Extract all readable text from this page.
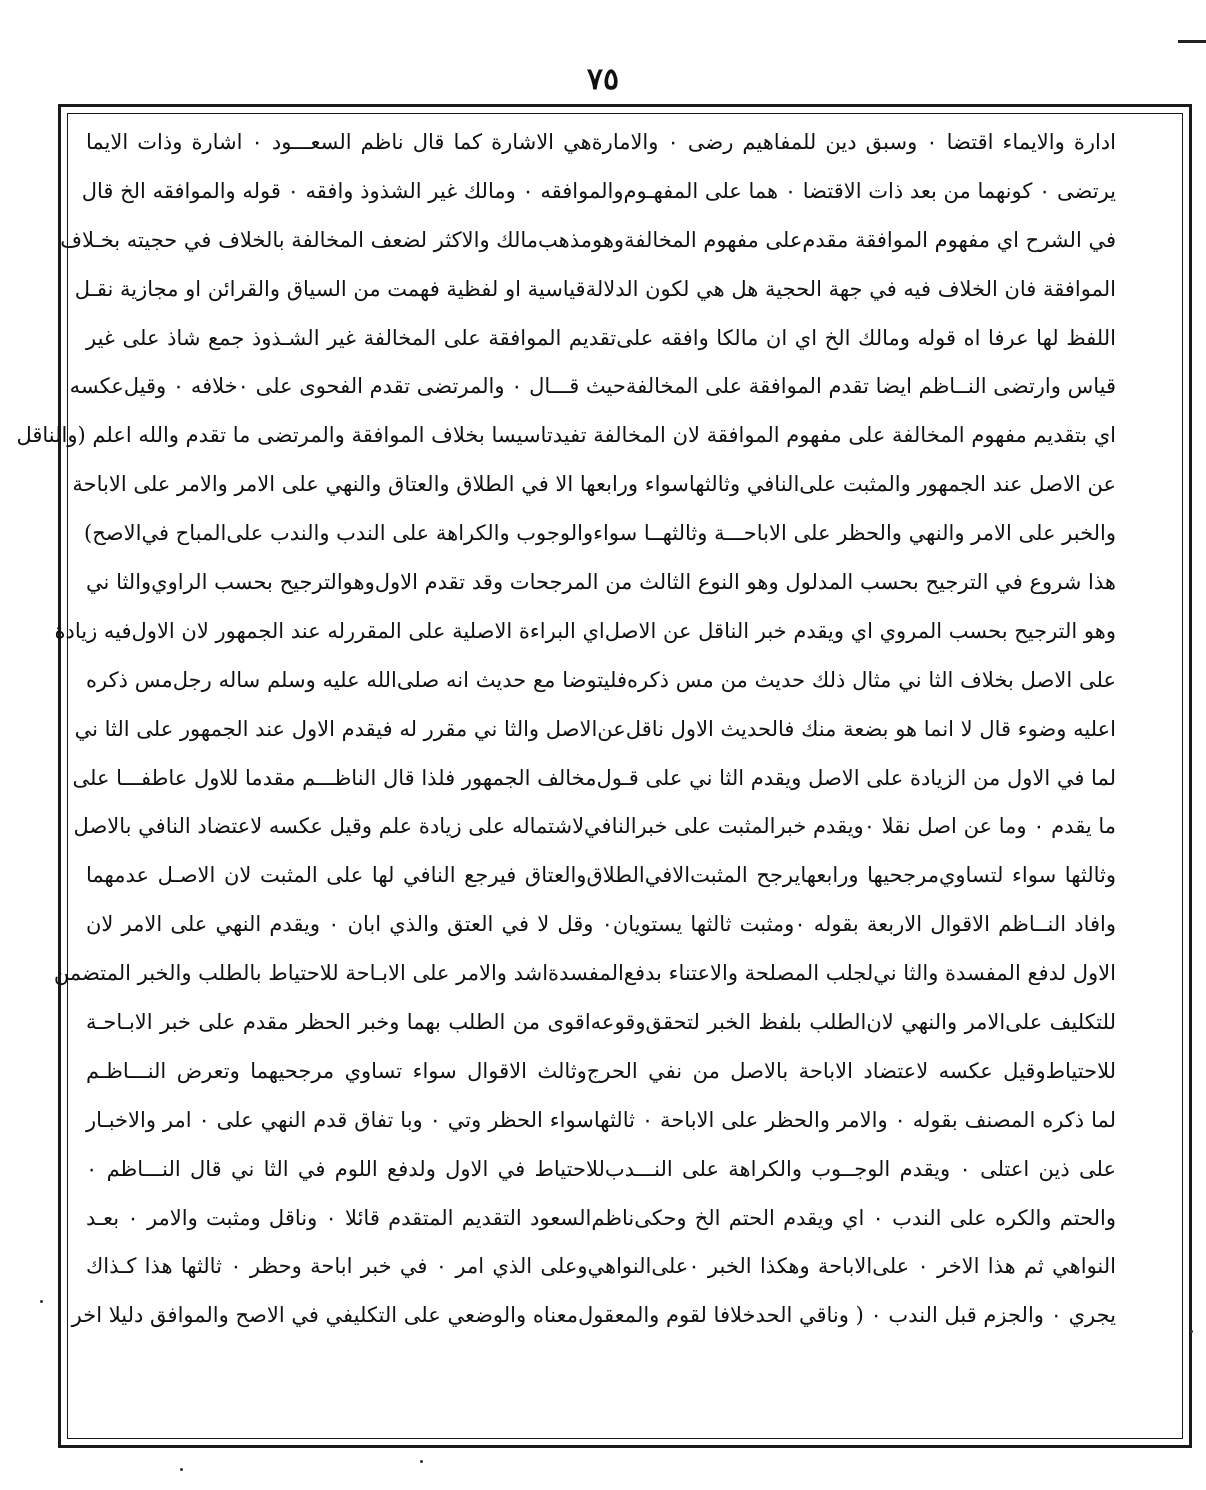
٧٥
ا‌دارة والايماء اقتضا ٠ وسبق دين للمفاهيم رضى ٠ والامارةهي الاشارة كما قال ناظم السعـــود ٠ اشارة وذات الايما
يرتضى ٠ كونهما من بعد ذات الاقتضا ٠ هما على المفهـوم‌والموافقه ٠ ومالك غير الشذوذ وافقه ٠ قوله والموافقه الخ قال
في الشرح اي مفهوم الموافقة مقدم‌على مفهوم المخالفةوهومذهب‌مالك والاكثر لضعف المخالفة بالخلاف في حجيته بخـلاف
الموافقة فان الخلاف فيه في جهة الحجية هل هي لكون الدلالةقياسية او لفظية فهمت من السياق والقرائن او مجازية نقـل
اللفظ لها عرفا اه قوله ومالك الخ اي ان مالكا وافقه على‌تقديم الموافقة على المخالفة غير الشـذوذ جمع شاذ على غير
قياس وارتضى النــاظم ايضا تقدم الموافقة على المخالفةحيث قـــال ٠ والمرتضى تقدم الفحوى على ٠خلافه ٠ وقيل‌عكسه
اي بتقديم مفهوم المخالفة على مفهوم الموافقة لان المخالفة تفيدتاسيسا بخلاف الموافقة والمرتضى ما تقدم والله اعلم (والناقل
عن الاصل عند الجمهور والمثبت على‌النافي وثالثهاسواء ورابعها الا في الطلاق والعتاق والنهي على الامر والامر على الاباحة
والخبر على الامر والنهي والحظر على الاباحـــة وثالثهــا سواءوالوجوب والكراهة على الندب والندب على‌المباح في‌الاصح)
هذا شروع في الترجيح بحسب المدلول وهو النوع الثالث من المرجحات وقد تقدم الاول‌وهوالترجيح بحسب الراوي‌والثا ني
وهو الترجيح بحسب المروي اي ويقدم خبر الناقل عن الاصل‌اي البراءة الاصلية على المقررله عند الجمهور لان الاول‌فيه زيادة
على الاصل بخلاف الثا ني مثال ذلك حديث من مس ذكره‌فليتوضا مع حديث انه صلى‌الله عليه وسلم ساله رجل‌مس ذكره
اعليه وضوء قال لا انما هو بضعة منك فالحديث الاول ناقل‌عن‌الاصل والثا ني مقرر له فيقدم الاول عند الجمهور على الثا ني
لما في الاول من الزيادة على الاصل ويقدم الثا ني على قـول‌مخالف الجمهور فلذا قال الناظـــم مقدما للاول عاطفـــا على
ما يقدم ٠ وما عن اصل نقلا ٠ويقدم خبرالمثبت على خبرالنافي‌لاشتماله على زيادة علم وقيل عكسه لاعتضاد النافي بالاصل
وثالثها سواء لتساوي‌مرجحيها ورابعهايرجح المثبت‌الافي‌الطلاق‌والعتاق فيرجع النافي لها على المثبت لان الاصـل عدمهما
وافاد النــاظم الاقوال الاربعة بقوله ٠ومثبت ثالثها يستويان٠ وقل لا في العتق والذي ابان ٠ ويقدم النهي على الامر لان
الاول لدفع المفسدة والثا ني‌لجلب المصلحة والاعتناء بدفع‌المفسدةاشد والامر على الابـاحة للاحتياط بالطلب والخبر المتضمن
للتكليف على‌الامر والنهي لان‌الطلب بلفظ الخبر لتحقق‌وقوعه‌اقوى من الطلب بهما وخبر الحظر مقدم على خبر الابـاحـة
للاحتياط‌وقيل عكسه لاعتضاد الاباحة بالاصل من نفي الحرج‌وثالث الاقوال سواء تساوي مرجحيهما وتعرض النـــاظـم
لما ذكره المصنف بقوله ٠ والامر والحظر على الاباحة ٠ ثالثها‌سواء الحظر وتي ٠ وبا تفاق قدم النهي على ٠ امر والاخبـار
على ذين اعتلى ٠ ويقدم الوجــوب والكراهة على النـــدب‌للاحتياط في الاول ولدفع اللوم في الثا ني قال النـــاظم ٠
والحتم والكره على الندب ٠ اي ويقدم الحتم الخ وحكى‌ناظم‌السعود التقديم المتقدم قائلا ٠ وناقل ومثبت والامر ٠ بعـد
النواهي ثم هذا الاخر ٠ على‌الاباحة وهكذا الخبر ٠على‌النواهي‌وعلى الذي امر ٠ في خبر اباحة وحظر ٠ ثالثها هذا كـذاك
يجري ٠ والجزم قبل الندب ٠ ( وناقي الحدخلافا لقوم والمعقول‌معناه والوضعي على التكليفي في الاصح والموافق دليلا اخر
